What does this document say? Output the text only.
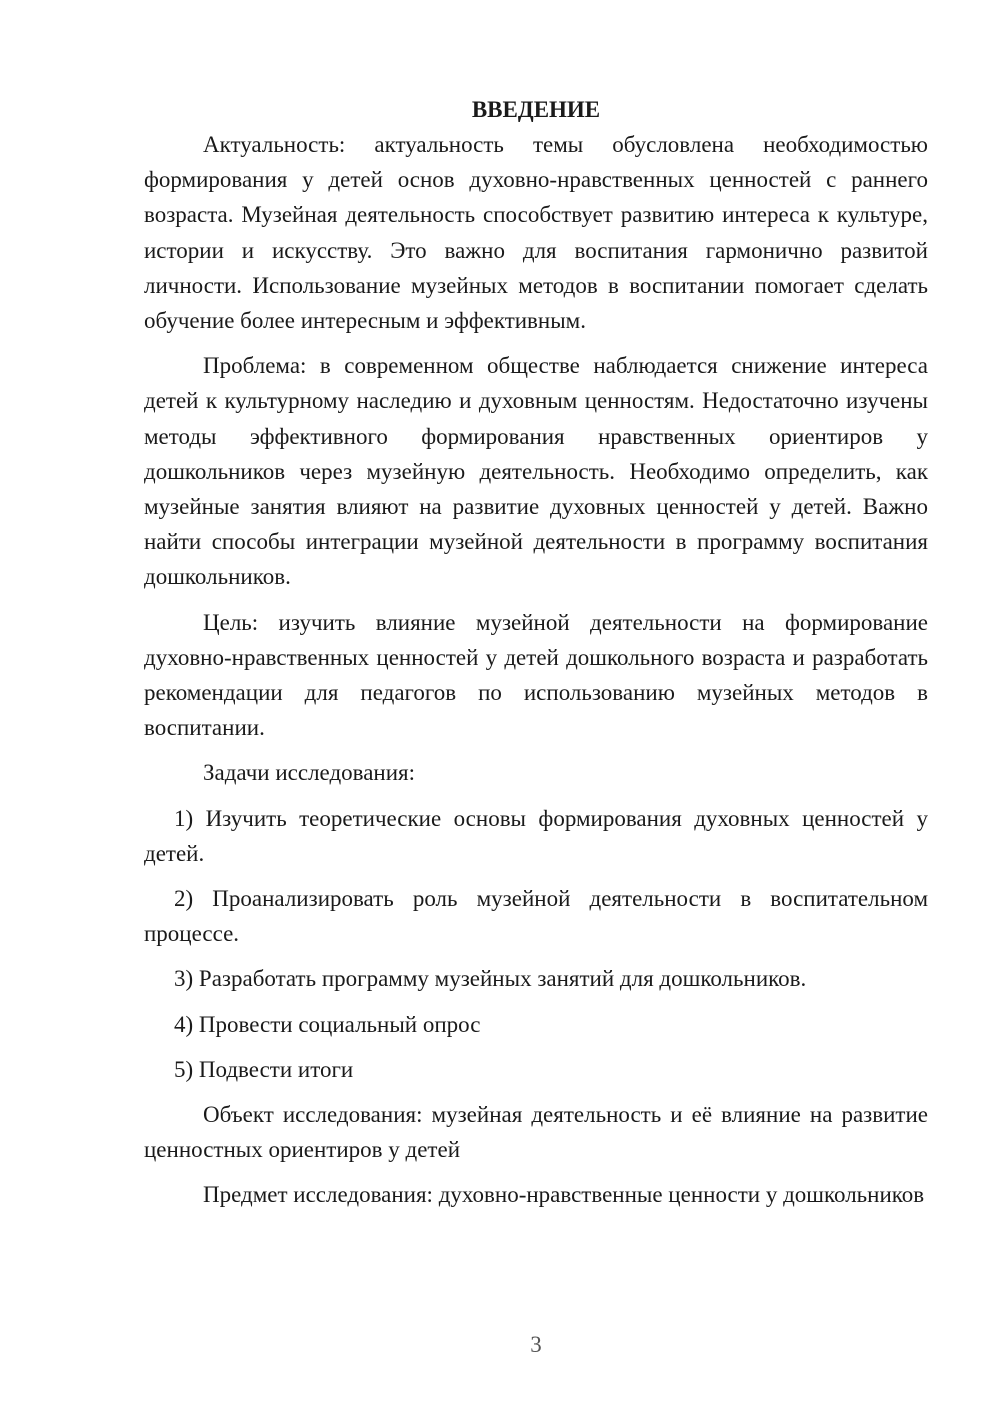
ВВЕДЕНИЕ

Актуальность: актуальность темы обусловлена необходимостью формирования у детей основ духовно-нравственных ценностей с раннего возраста. Музейная деятельность способствует развитию интереса к культуре, истории и искусству. Это важно для воспитания гармонично развитой личности. Использование музейных методов в воспитании помогает сделать обучение более интересным и эффективным.

Проблема: в современном обществе наблюдается снижение интереса детей к культурному наследию и духовным ценностям. Недостаточно изучены методы эффективного формирования нравственных ориентиров у дошкольников через музейную деятельность. Необходимо определить, как музейные занятия влияют на развитие духовных ценностей у детей. Важно найти способы интеграции музейной деятельности в программу воспитания дошкольников.

Цель: изучить влияние музейной деятельности на формирование духовно-нравственных ценностей у детей дошкольного возраста и разработать рекомендации для педагогов по использованию музейных методов в воспитании.

Задачи исследования:

1) Изучить теоретические основы формирования духовных ценностей у детей.

2) Проанализировать роль музейной деятельности в воспитательном процессе.

3) Разработать программу музейных занятий для дошкольников.

4) Провести социальный опрос

5) Подвести итоги

Объект исследования: музейная деятельность и её влияние на развитие ценностных ориентиров у детей

Предмет исследования: духовно-нравственные ценности у дошкольников

3
